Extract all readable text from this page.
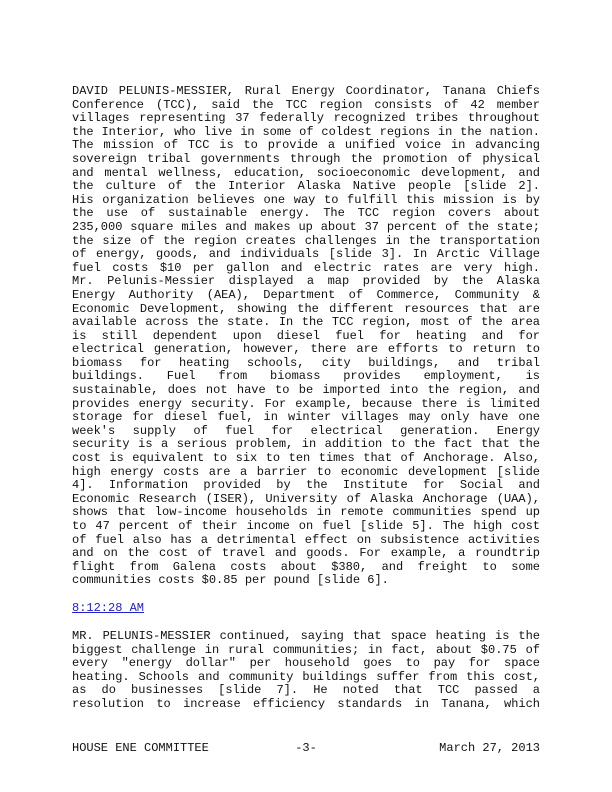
DAVID PELUNIS-MESSIER, Rural Energy Coordinator, Tanana Chiefs
Conference (TCC), said the TCC region consists of 42 member
villages representing 37 federally recognized tribes throughout
the Interior, who live in some of coldest regions in the nation.
The mission of TCC is to provide a unified voice in advancing
sovereign tribal governments through the promotion of physical
and mental wellness, education, socioeconomic development, and
the culture of the Interior Alaska Native people [slide 2].
His organization believes one way to fulfill this mission is by
the use of sustainable energy. The TCC region covers about
235,000 square miles and makes up about 37 percent of the state;
the size of the region creates challenges in the transportation
of energy, goods, and individuals [slide 3]. In Arctic Village
fuel costs $10 per gallon and electric rates are very high.
Mr. Pelunis-Messier displayed a map provided by the Alaska
Energy Authority (AEA), Department of Commerce, Community &
Economic Development, showing the different resources that are
available across the state. In the TCC region, most of the area
is still dependent upon diesel fuel for heating and for
electrical generation, however, there are efforts to return to
biomass for heating schools, city buildings, and tribal
buildings. Fuel from biomass provides employment, is
sustainable, does not have to be imported into the region, and
provides energy security. For example, because there is limited
storage for diesel fuel, in winter villages may only have one
week's supply of fuel for electrical generation. Energy
security is a serious problem, in addition to the fact that the
cost is equivalent to six to ten times that of Anchorage. Also,
high energy costs are a barrier to economic development [slide
4]. Information provided by the Institute for Social and
Economic Research (ISER), University of Alaska Anchorage (UAA),
shows that low-income households in remote communities spend up
to 47 percent of their income on fuel [slide 5]. The high cost
of fuel also has a detrimental effect on subsistence activities
and on the cost of travel and goods. For example, a roundtrip
flight from Galena costs about $380, and freight to some
communities costs $0.85 per pound [slide 6].
8:12:28 AM
MR. PELUNIS-MESSIER continued, saying that space heating is the
biggest challenge in rural communities; in fact, about $0.75 of
every "energy dollar" per household goes to pay for space
heating. Schools and community buildings suffer from this cost,
as do businesses [slide 7]. He noted that TCC passed a
resolution to increase efficiency standards in Tanana, which
HOUSE ENE COMMITTEE	-3-	March 27, 2013
